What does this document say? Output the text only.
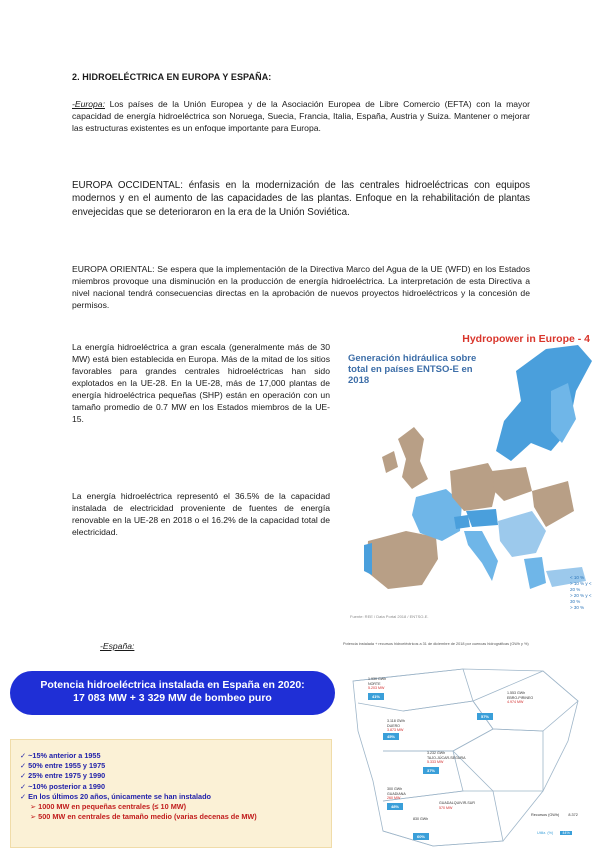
2. HIDROELÉCTRICA EN EUROPA Y ESPAÑA:
-Europa: Los países de la Unión Europea y de la Asociación Europea de Libre Comercio (EFTA) con la mayor capacidad de energía hidroeléctrica son Noruega, Suecia, Francia, Italia, España, Austria y Suiza. Mantener o mejorar las estructuras existentes es un enfoque importante para Europa.
EUROPA OCCIDENTAL: énfasis en la modernización de las centrales hidroeléctricas con equipos modernos y en el aumento de las capacidades de las plantas. Enfoque en la rehabilitación de plantas envejecidas que se deterioraron en la era de la Unión Soviética.
EUROPA ORIENTAL: Se espera que la implementación de la Directiva Marco del Agua de la UE (WFD) en los Estados miembros provoque una disminución en la producción de energía hidroeléctrica. La interpretación de esta Directiva a nivel nacional tendrá consecuencias directas en la aprobación de nuevos proyectos hidroeléctricos y la concesión de permisos.
La energía hidroeléctrica a gran escala (generalmente más de 30 MW) está bien establecida en Europa. Más de la mitad de los sitios favorables para grandes centrales hidroeléctricas han sido explotados en la UE-28. En la UE-28, más de 17,000 plantas de energía hidroeléctrica pequeñas (SHP) están en operación con un tamaño promedio de 0.7 MW en los Estados miembros de la UE-15.
La energía hidroeléctrica representó el 36.5% de la capacidad instalada de electricidad proveniente de fuentes de energía renovable en la UE-28 en 2018 o el 16.2% de la capacidad total de electricidad.
Hydropower in Europe - 4
Generación hidráulica sobre total en países ENTSO-E en 2018
< 10 %
> 10 % y < 20 %
> 20 % y < 30 %
> 30 %
Fuente: REE / Data Portal 2018 / ENTSO-E.
-España:
Potencia hidroeléctrica instalada en España en 2020:
17 083 MW + 3 329 MW de bombeo puro
✓ ~15% anterior a 1955
✓ 50% entre 1955 y 1975
✓ 25% entre 1975 y 1990
✓ ~10% posterior a 1990
✓ En los últimos 20 años, únicamente se han instalado
➢ 1000 MW en pequeñas centrales (≤ 10 MW)
➢ 500 MW en centrales de tamaño medio (varias decenas de MW)
Potencia instalada + recursos hidroeléctricos a 31 de diciembre de 2018 por cuencas hidrográficas (GWh y %)
1.930 GWh
NORTE
5.203 MW
41%
1.553 GWh
EBRO-PIRINEO
4.974 MW
57%
3.118 GWh
DUERO
3.873 MW
45%
3.232 GWh
TAJO-JÚCAR-SEGURA
5.333 MW
37%
300 GWh
GUADIANA
260 MW
48%
GUADALQUIVIR-SUR
570 MW
830 GWh
60%
Recursos (GWh) 8.372
Utiliz. (%) 44%
